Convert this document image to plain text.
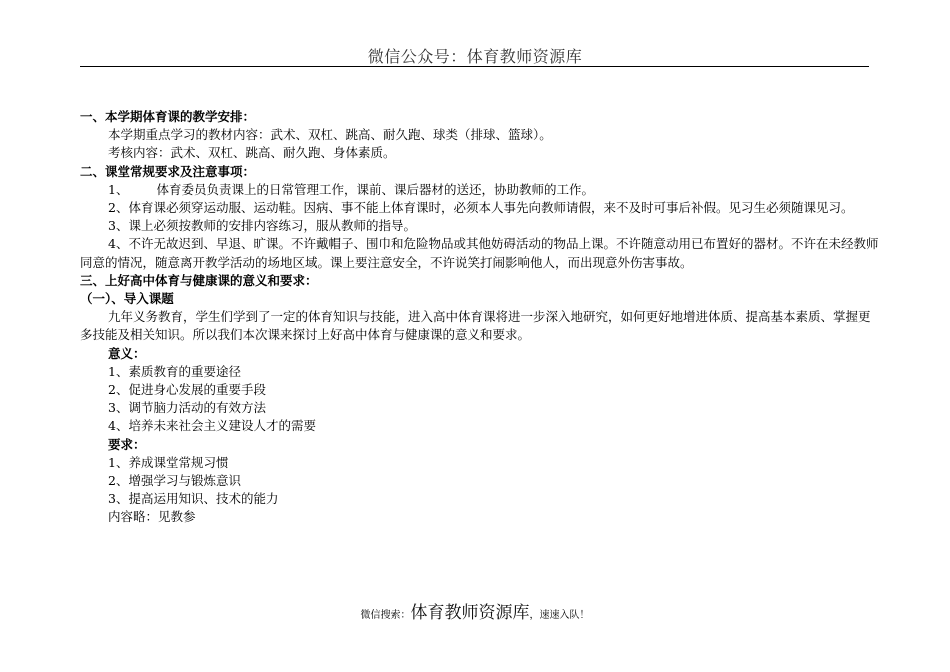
微信公众号：体育教师资源库
一、本学期体育课的教学安排：
本学期重点学习的教材内容：武术、双杠、跳高、耐久跑、球类（排球、篮球）。
考核内容：武术、双杠、跳高、耐久跑、身体素质。
二、课堂常规要求及注意事项：
1、 体育委员负责课上的日常管理工作，课前、课后器材的送还，协助教师的工作。
2、体育课必须穿运动服、运动鞋。因病、事不能上体育课时，必须本人事先向教师请假，来不及时可事后补假。见习生必须随课见习。
3、课上必须按教师的安排内容练习，服从教师的指导。
4、不许无故迟到、早退、旷课。不许戴帽子、围巾和危险物品或其他妨碍活动的物品上课。不许随意动用已布置好的器材。不许在未经教师同意的情况，随意离开教学活动的场地区域。课上要注意安全，不许说笑打闹影响他人，而出现意外伤害事故。
三、上好高中体育与健康课的意义和要求：
（一）、导入课题
九年义务教育，学生们学到了一定的体育知识与技能，进入高中体育课将进一步深入地研究，如何更好地增进体质、提高基本素质、掌握更多技能及相关知识。所以我们本次课来探讨上好高中体育与健康课的意义和要求。
意义：
1、素质教育的重要途径
2、促进身心发展的重要手段
3、调节脑力活动的有效方法
4、培养未来社会主义建设人才的需要
要求：
1、养成课堂常规习惯
2、增强学习与锻炼意识
3、提高运用知识、技术的能力
内容略：见教参
微信搜索：体育教师资源库，速速入队！
